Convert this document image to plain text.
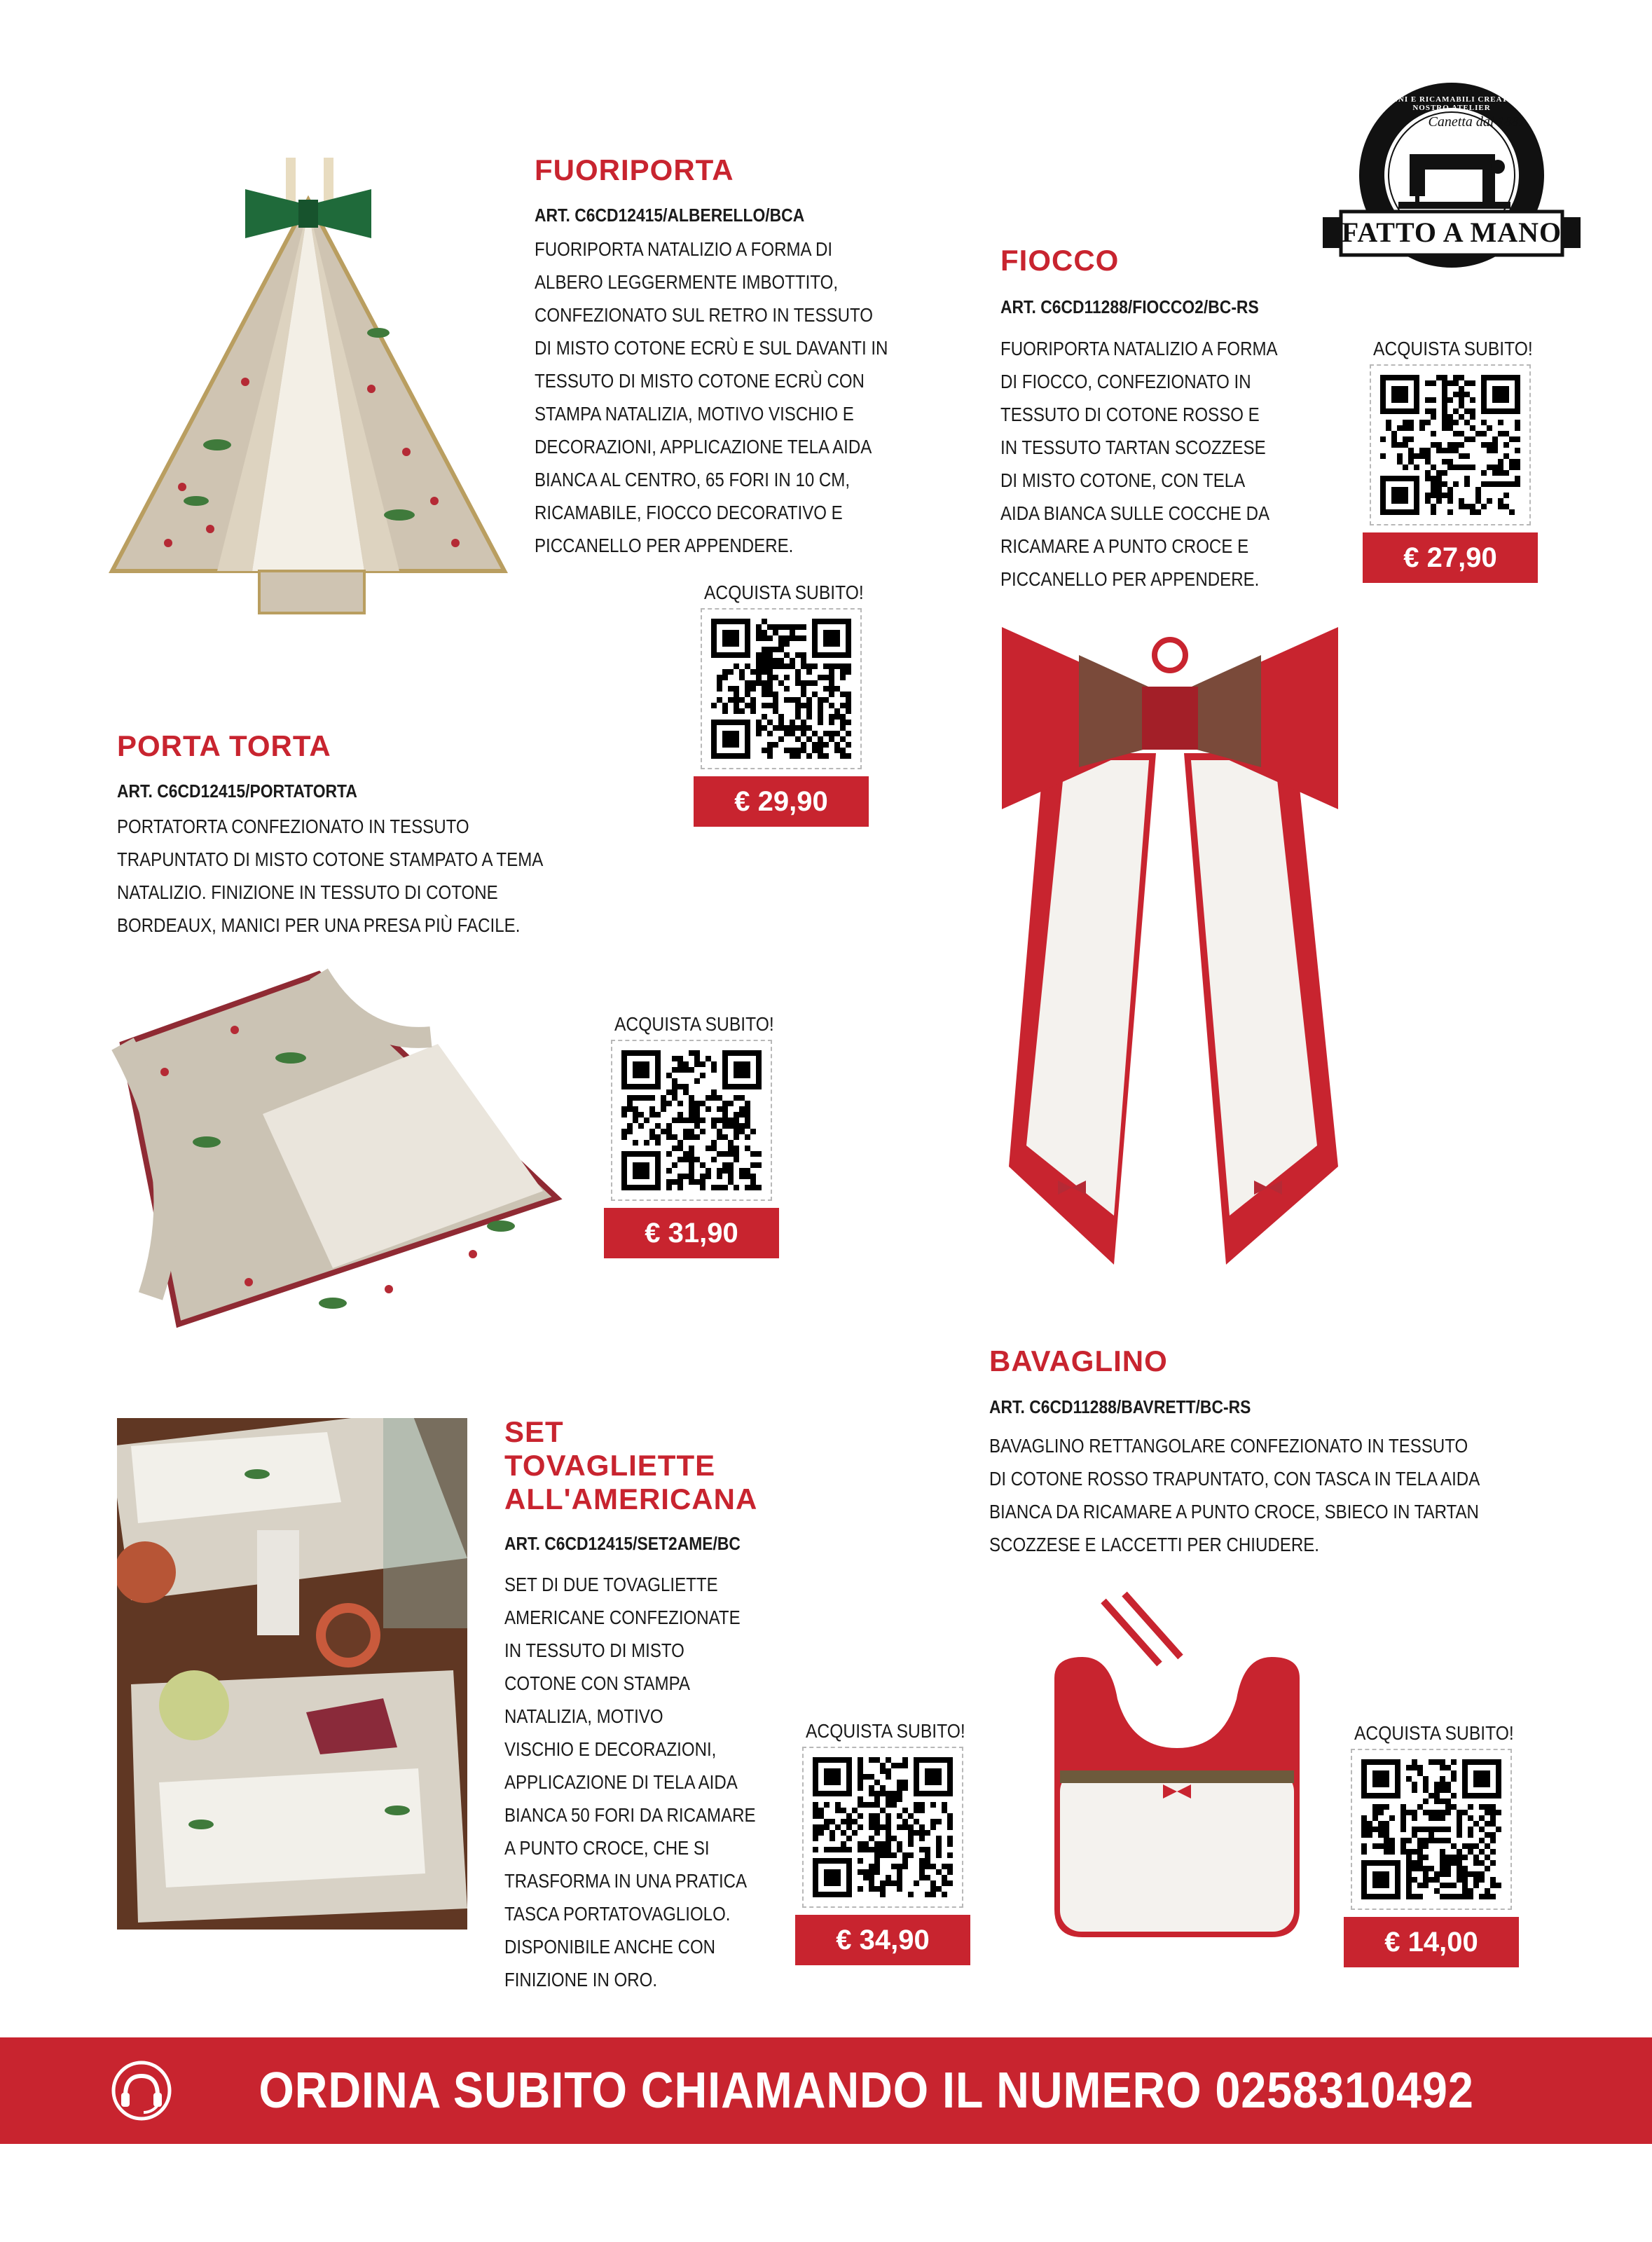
Canetta dal 1881
FATTO A MANO
DISEGNI E RICAMABILI CREATI DAL NOSTRO ATELIER
FUORIPORTA
ART. C6CD12415/ALBERELLO/BCA
FUORIPORTA NATALIZIO A FORMA DI
ALBERO LEGGERMENTE IMBOTTITO,
CONFEZIONATO SUL RETRO IN TESSUTO
DI MISTO COTONE ECRÙ E SUL DAVANTI IN
TESSUTO DI MISTO COTONE ECRÙ CON
STAMPA NATALIZIA, MOTIVO VISCHIO E
DECORAZIONI, APPLICAZIONE TELA AIDA
BIANCA AL CENTRO, 65 FORI IN 10 CM,
RICAMABILE, FIOCCO DECORATIVO E
PICCANELLO PER APPENDERE.
ACQUISTA SUBITO!
€ 29,90
FIOCCO
ART. C6CD11288/FIOCCO2/BC-RS
FUORIPORTA NATALIZIO A FORMA
DI FIOCCO, CONFEZIONATO IN
TESSUTO DI COTONE ROSSO E
IN TESSUTO TARTAN SCOZZESE
DI MISTO COTONE, CON TELA
AIDA BIANCA SULLE COCCHE DA
RICAMARE A PUNTO CROCE E
PICCANELLO PER APPENDERE.
ACQUISTA SUBITO!
€ 27,90
PORTA TORTA
ART. C6CD12415/PORTATORTA
PORTATORTA CONFEZIONATO IN TESSUTO
TRAPUNTATO DI MISTO COTONE STAMPATO A TEMA
NATALIZIO. FINIZIONE IN TESSUTO DI COTONE
BORDEAUX, MANICI PER UNA PRESA PIÙ FACILE.
ACQUISTA SUBITO!
€ 31,90
BAVAGLINO
ART. C6CD11288/BAVRETT/BC-RS
BAVAGLINO RETTANGOLARE CONFEZIONATO IN TESSUTO
DI COTONE ROSSO TRAPUNTATO, CON TASCA IN TELA AIDA
BIANCA DA RICAMARE A PUNTO CROCE, SBIECO IN TARTAN
SCOZZESE E LACCETTI PER CHIUDERE.
ACQUISTA SUBITO!
€ 14,00
SET
TOVAGLIETTE
ALL'AMERICANA
ART. C6CD12415/SET2AME/BC
SET DI DUE TOVAGLIETTE
AMERICANE CONFEZIONATE
IN TESSUTO DI MISTO
COTONE CON STAMPA
NATALIZIA, MOTIVO
VISCHIO E DECORAZIONI,
APPLICAZIONE DI TELA AIDA
BIANCA 50 FORI DA RICAMARE
A PUNTO CROCE, CHE SI
TRASFORMA IN UNA PRATICA
TASCA PORTATOVAGLIOLO.
DISPONIBILE ANCHE CON
FINIZIONE IN ORO.
ACQUISTA SUBITO!
€ 34,90
ORDINA SUBITO CHIAMANDO IL NUMERO 0258310492
